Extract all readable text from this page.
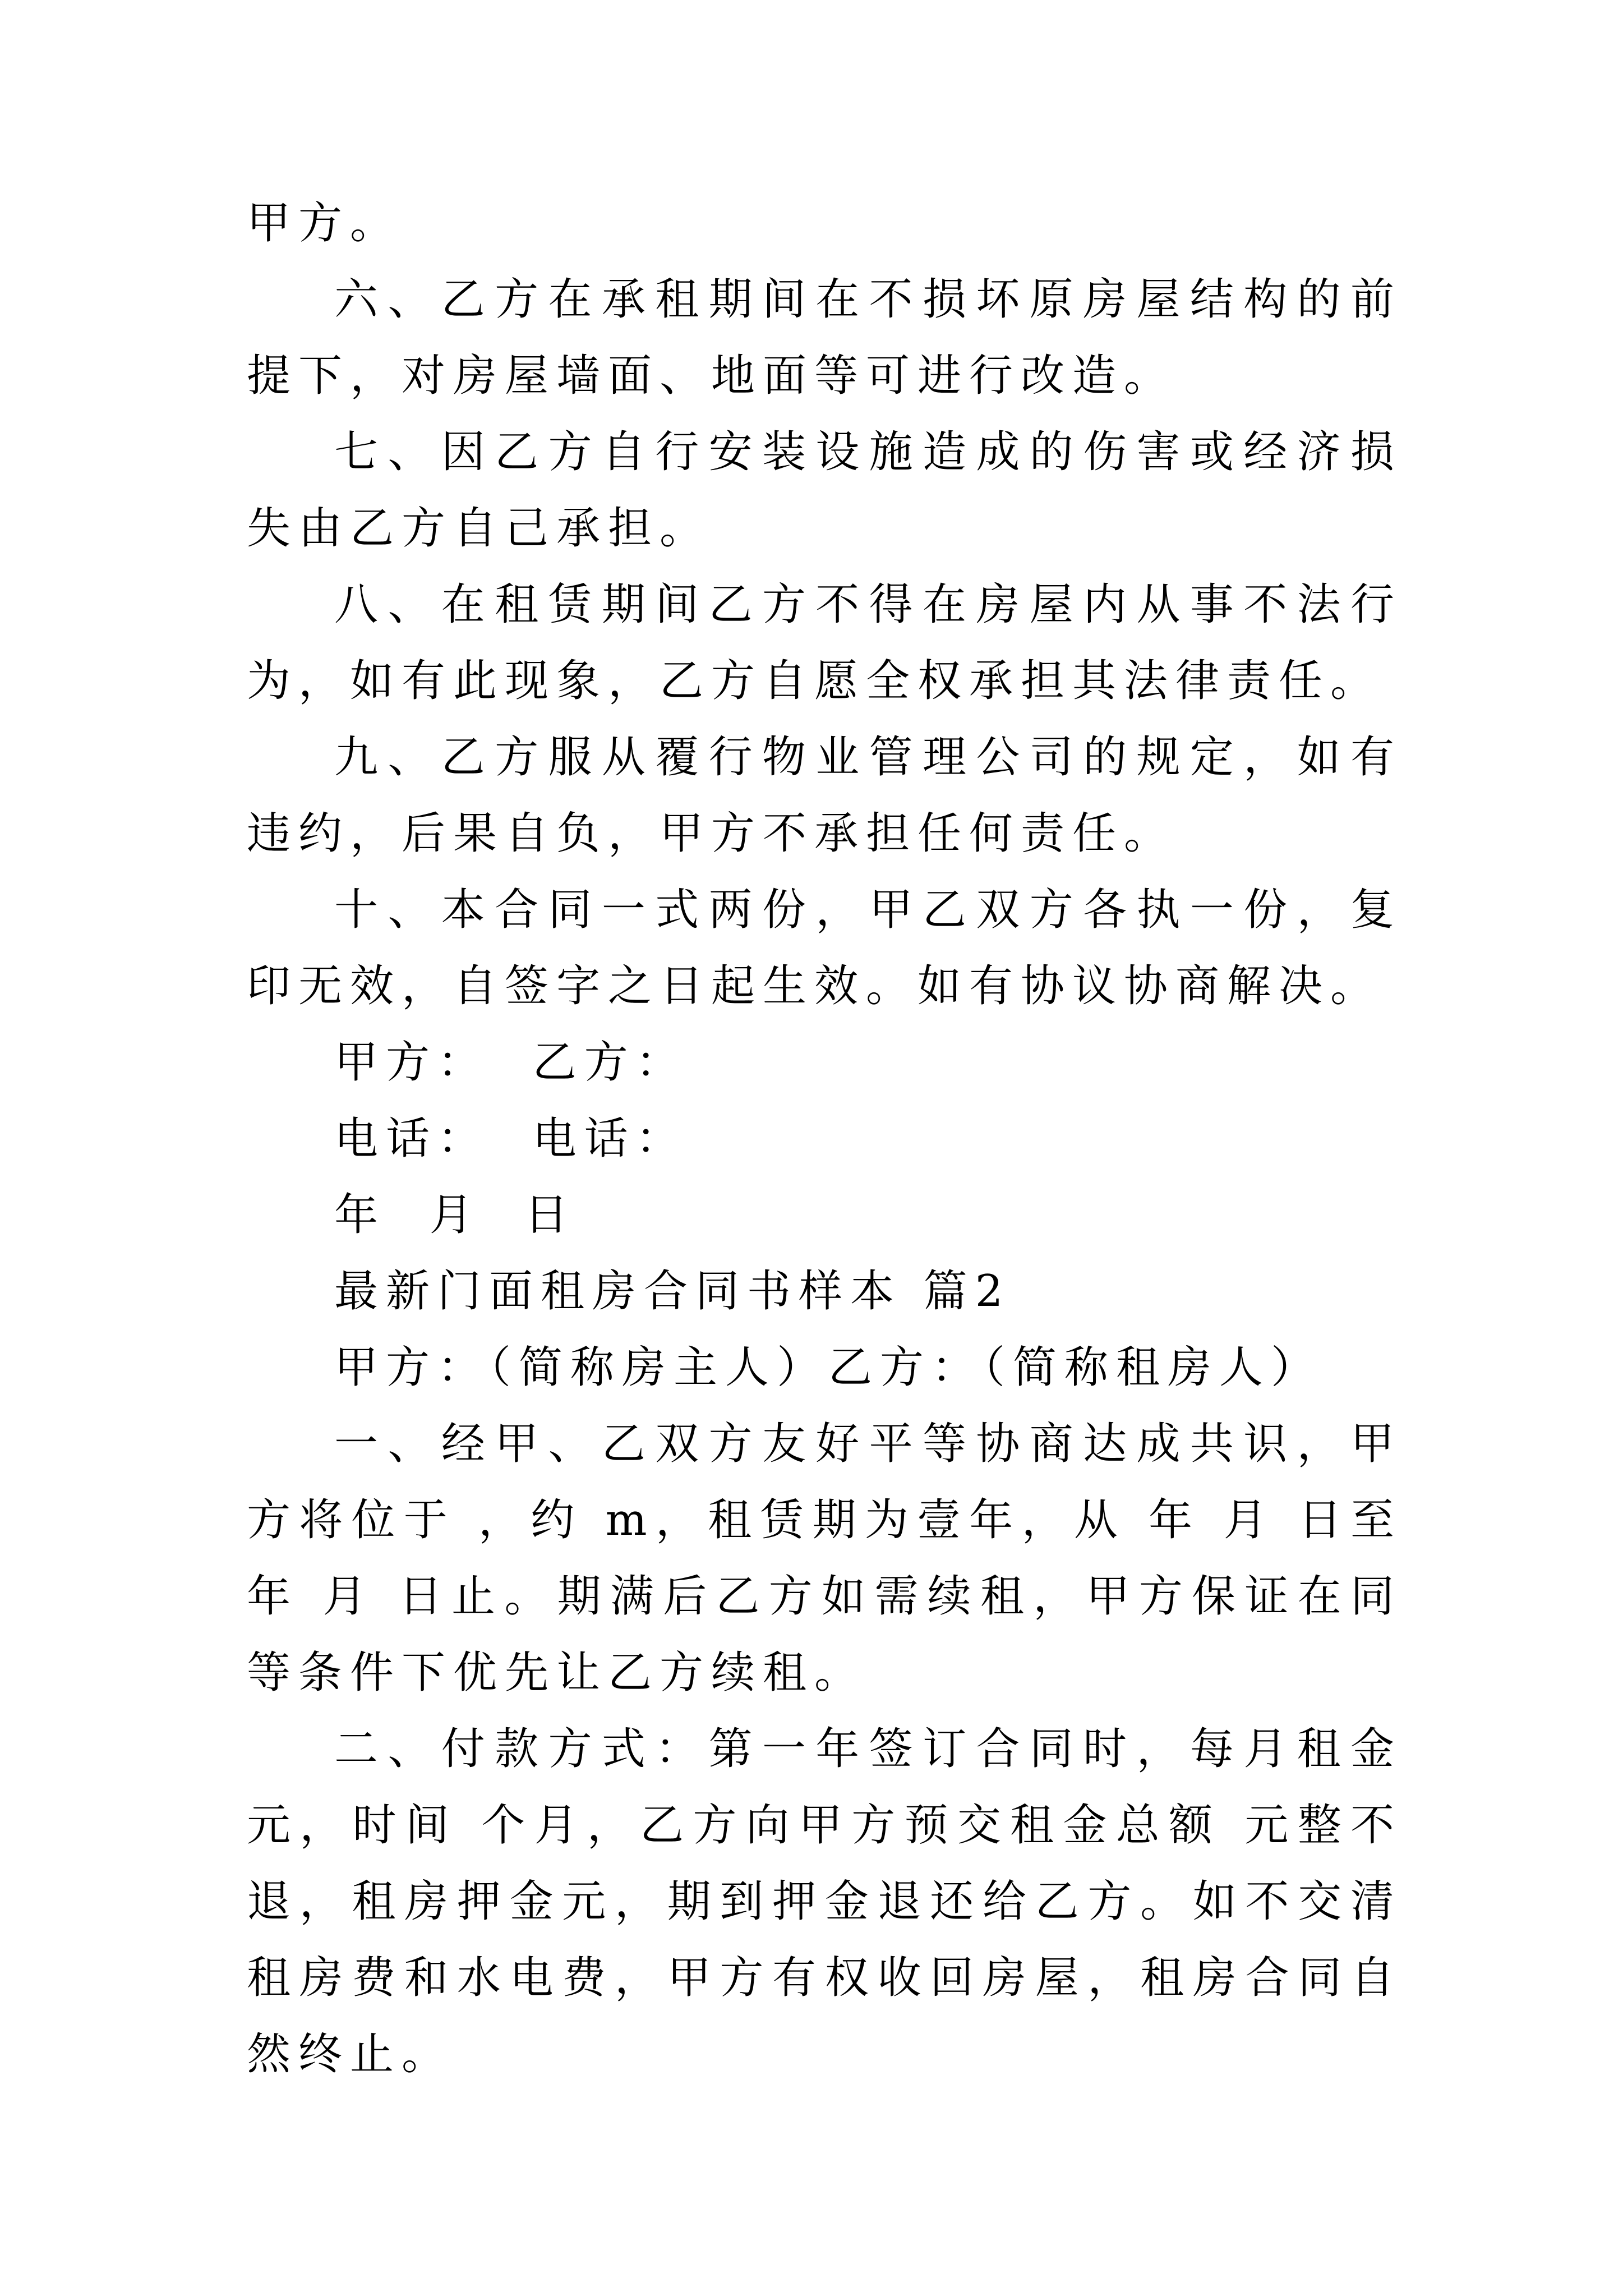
甲方。

六、乙方在承租期间在不损坏原房屋结构的前提下，对房屋墙面、地面等可进行改造。

七、因乙方自行安装设施造成的伤害或经济损失由乙方自己承担。

八、在租赁期间乙方不得在房屋内从事不法行为，如有此现象，乙方自愿全权承担其法律责任。

九、乙方服从覆行物业管理公司的规定，如有违约，后果自负，甲方不承担任何责任。

十、本合同一式两份，甲乙双方各执一份，复印无效，自签字之日起生效。如有协议协商解决。

甲方：  乙方：

电话：  电话：

年  月  日

最新门面租房合同书样本 篇2

甲方：（简称房主人）乙方：（简称租房人）

一、经甲、乙双方友好平等协商达成共识，甲方将位于 ，约 m，租赁期为壹年，从 年 月 日至 年 月 日止。期满后乙方如需续租，甲方保证在同等条件下优先让乙方续租。

二、付款方式：第一年签订合同时，每月租金 元，时间 个月，乙方向甲方预交租金总额 元整不退，租房押金元，期到押金退还给乙方。如不交清租房费和水电费，甲方有权收回房屋，租房合同自然终止。
